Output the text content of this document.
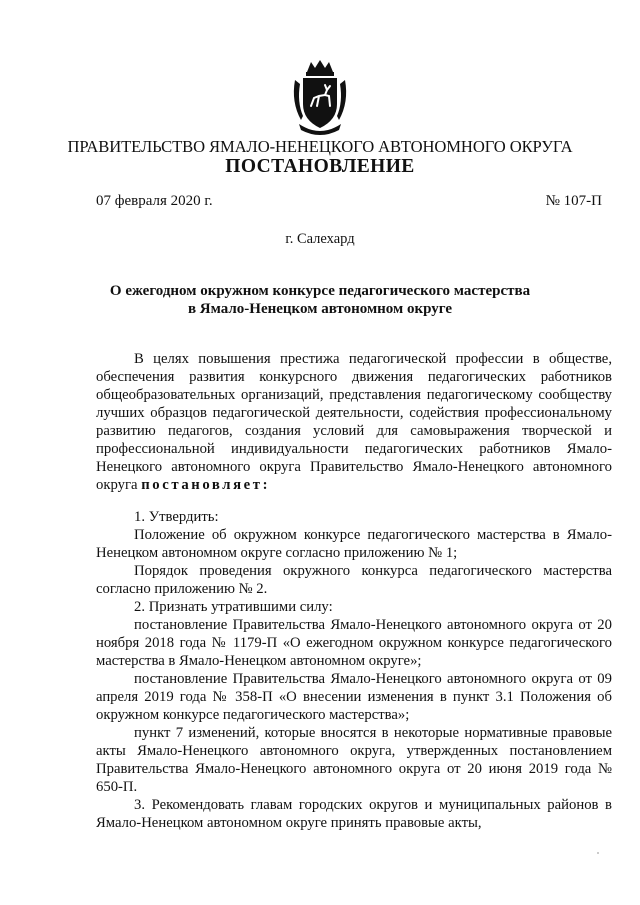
ПРАВИТЕЛЬСТВО ЯМАЛО-НЕНЕЦКОГО АВТОНОМНОГО ОКРУГА
ПОСТАНОВЛЕНИЕ
07 февраля 2020 г.	№ 107-П
г. Салехард
О ежегодном окружном конкурсе педагогического мастерства
в Ямало-Ненецком автономном округе

В целях повышения престижа педагогической профессии в обществе, обеспечения развития конкурсного движения педагогических работников общеобразовательных организаций, представления педагогическому сообществу лучших образцов педагогической деятельности, содействия профессиональному развитию педагогов, создания условий для самовыражения творческой и профессиональной индивидуальности педагогических работников Ямало-Ненецкого автономного округа Правительство Ямало-Ненецкого автономного округа постановляет:

1. Утвердить:

Положение об окружном конкурсе педагогического мастерства в Ямало-Ненецком автономном округе согласно приложению № 1;

Порядок проведения окружного конкурса педагогического мастерства согласно приложению № 2.

2. Признать утратившими силу:

постановление Правительства Ямало-Ненецкого автономного округа от 20 ноября 2018 года № 1179-П «О ежегодном окружном конкурсе педагогического мастерства в Ямало-Ненецком автономном округе»;

постановление Правительства Ямало-Ненецкого автономного округа от 09 апреля 2019 года № 358-П «О внесении изменения в пункт 3.1 Положения об окружном конкурсе педагогического мастерства»;

пункт 7 изменений, которые вносятся в некоторые нормативные правовые акты Ямало-Ненецкого автономного округа, утвержденных постановлением Правительства Ямало-Ненецкого автономного округа от 20 июня 2019 года № 650-П.

3. Рекомендовать главам городских округов и муниципальных районов в Ямало-Ненецком автономном округе принять правовые акты,
